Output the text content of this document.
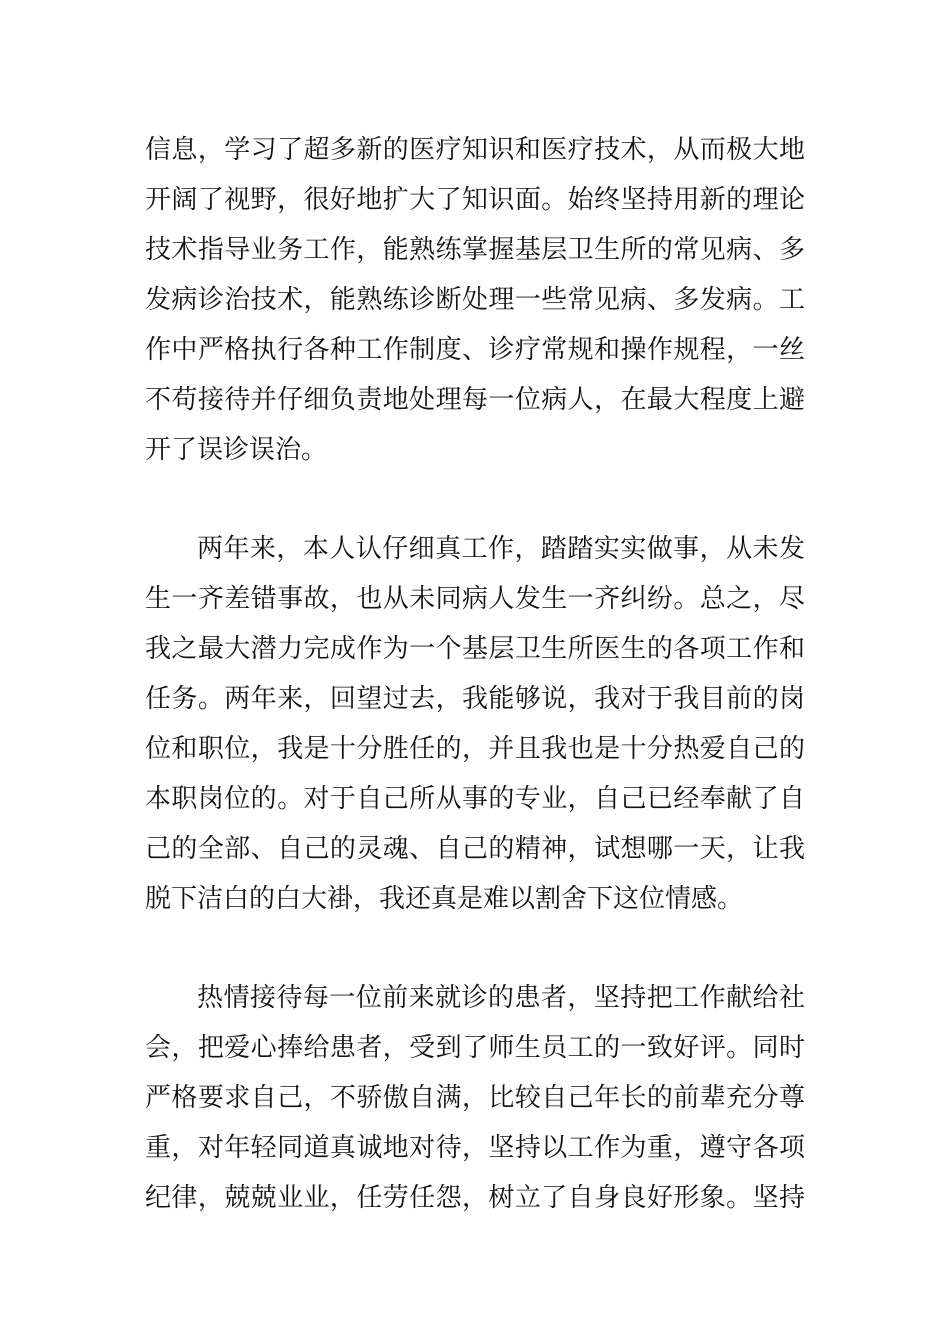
信息，学习了超多新的医疗知识和医疗技术，从而极大地
开阔了视野，很好地扩大了知识面。始终坚持用新的理论
技术指导业务工作，能熟练掌握基层卫生所的常见病、多
发病诊治技术，能熟练诊断处理一些常见病、多发病。工
作中严格执行各种工作制度、诊疗常规和操作规程，一丝
不苟接待并仔细负责地处理每一位病人，在最大程度上避
开了误诊误治。
两年来，本人认仔细真工作，踏踏实实做事，从未发
生一齐差错事故，也从未同病人发生一齐纠纷。总之，尽
我之最大潜力完成作为一个基层卫生所医生的各项工作和
任务。两年来，回望过去，我能够说，我对于我目前的岗
位和职位，我是十分胜任的，并且我也是十分热爱自己的
本职岗位的。对于自己所从事的专业，自己已经奉献了自
己的全部、自己的灵魂、自己的精神，试想哪一天，让我
脱下洁白的白大褂，我还真是难以割舍下这位情感。
热情接待每一位前来就诊的患者，坚持把工作献给社
会，把爱心捧给患者，受到了师生员工的一致好评。同时
严格要求自己，不骄傲自满，比较自己年长的前辈充分尊
重，对年轻同道真诚地对待，坚持以工作为重，遵守各项
纪律，兢兢业业，任劳任怨，树立了自身良好形象。坚持
